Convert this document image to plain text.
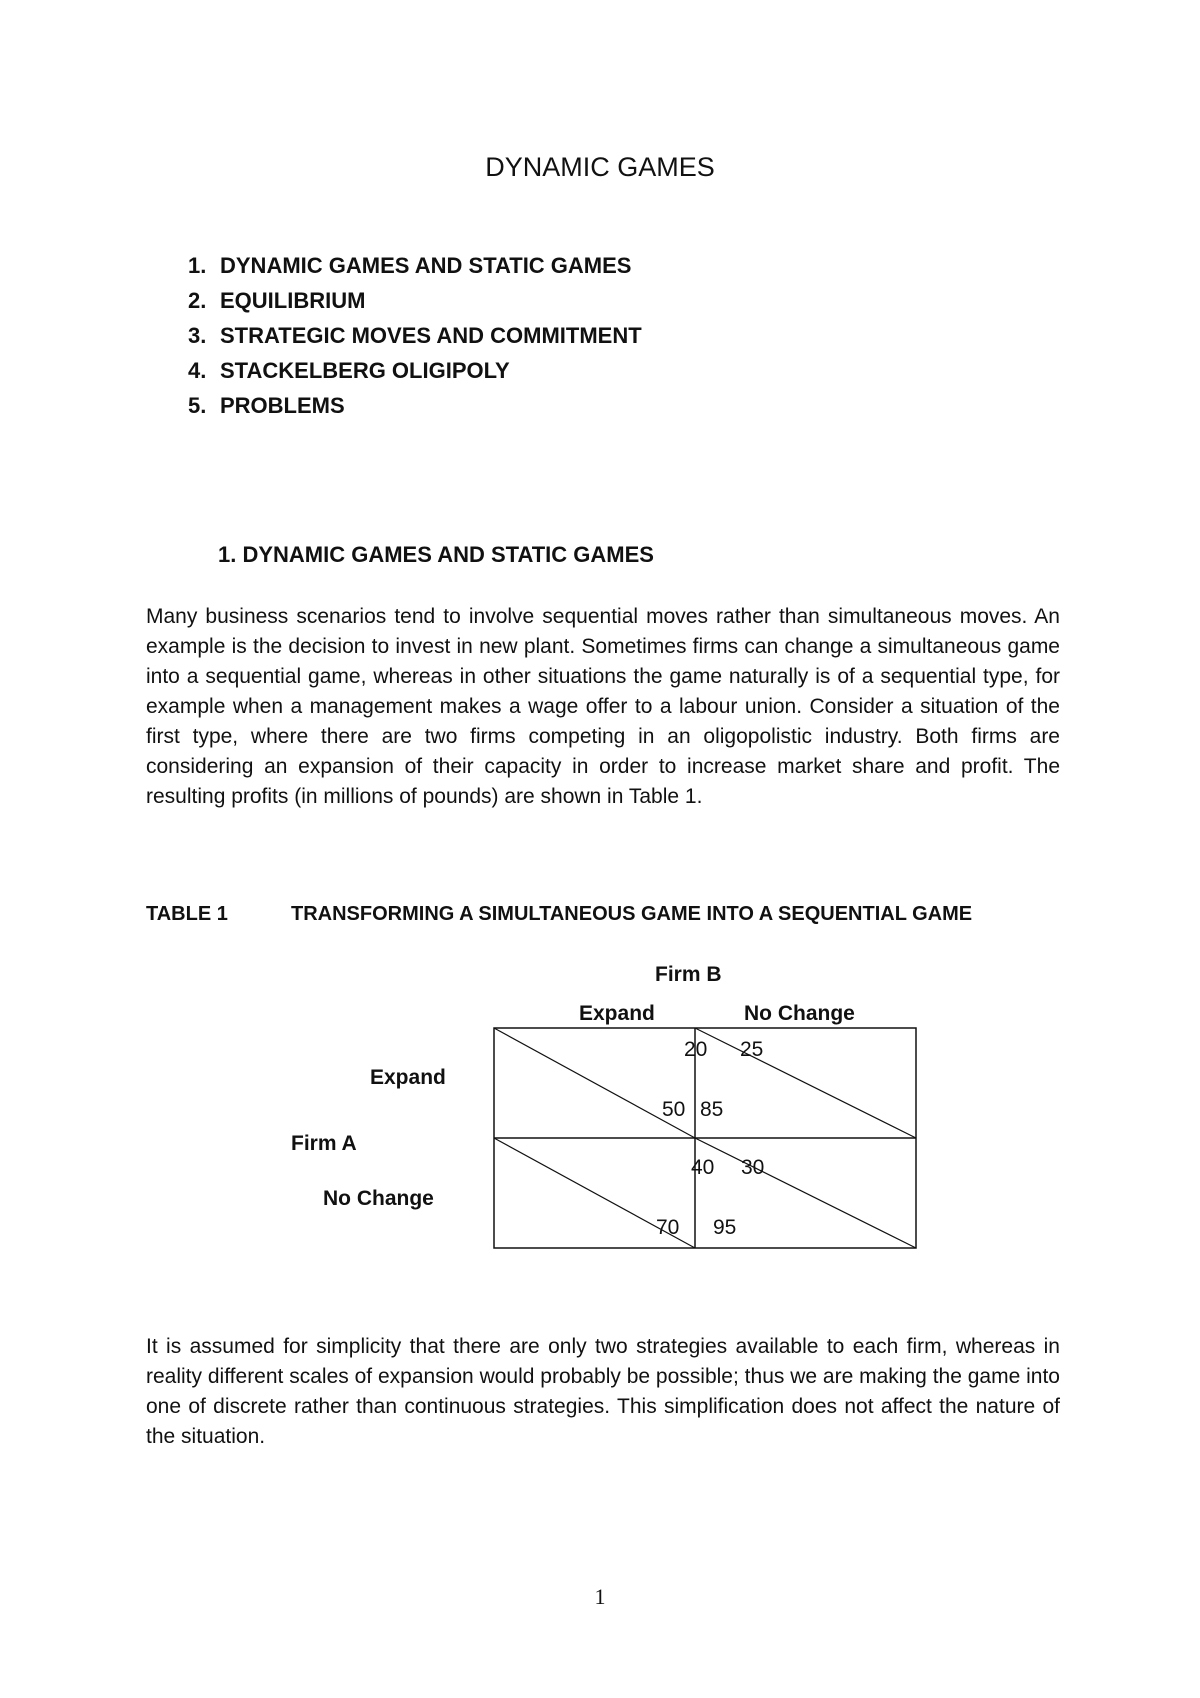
DYNAMIC GAMES
1. DYNAMIC GAMES AND STATIC GAMES
2. EQUILIBRIUM
3. STRATEGIC MOVES AND COMMITMENT
4. STACKELBERG OLIGIPOLY
5. PROBLEMS
1. DYNAMIC GAMES AND STATIC GAMES
Many business scenarios tend to involve sequential moves rather than simultaneous moves. An example is the decision to invest in new plant. Sometimes firms can change a simultaneous game into a sequential game, whereas in other situations the game naturally is of a sequential type, for example when a management makes a wage offer to a labour union. Consider a situation of the first type, where there are two firms competing in an oligopolistic industry. Both firms are considering an expansion of their capacity in order to increase market share and profit. The resulting profits (in millions of pounds) are shown in Table 1.
TABLE 1	TRANSFORMING A SIMULTANEOUS GAME INTO A SEQUENTIAL GAME
Firm B
Expand	No Change
Expand
Firm A
No Change
20 25
50 85
40 30
70 95
It is assumed for simplicity that there are only two strategies available to each firm, whereas in reality different scales of expansion would probably be possible; thus we are making the game into one of discrete rather than continuous strategies. This simplification does not affect the nature of the situation.
1
